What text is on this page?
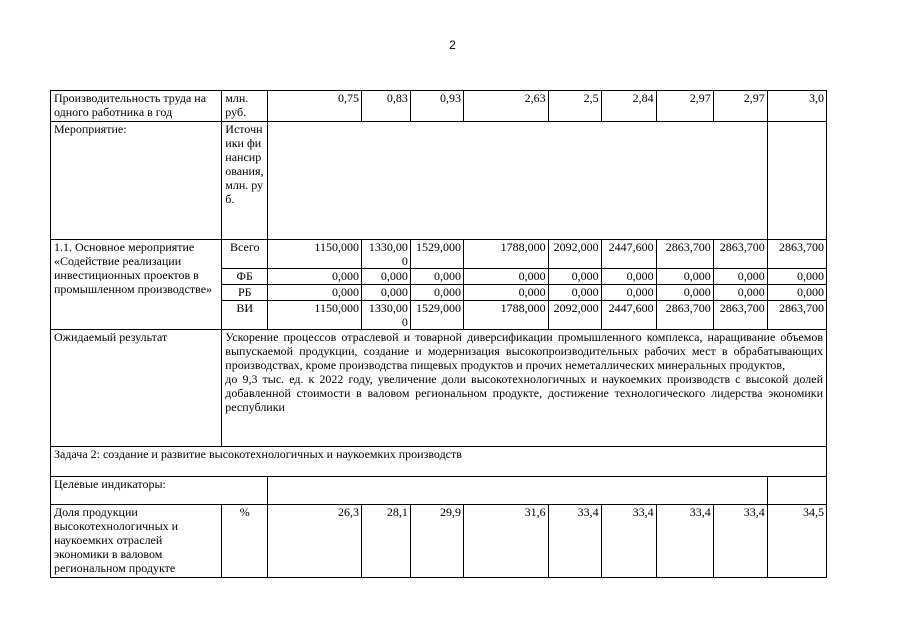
2
Производительность труда на одного работника в год	млн. руб.	0,75	0,83	0,93	2,63	2,5	2,84	2,97	2,97	3,0
Мероприятие:	Источники финансирования, млн. руб.									
1.1. Основное мероприятие «Содействие реализации инвестиционных проектов в промышленном производстве»	Всего	1150,000	1330,000	1529,000	1788,000	2092,000	2447,600	2863,700	2863,700	2863,700
	ФБ	0,000	0,000	0,000	0,000	0,000	0,000	0,000	0,000	0,000
	РБ	0,000	0,000	0,000	0,000	0,000	0,000	0,000	0,000	0,000
	ВИ	1150,000	1330,000	1529,000	1788,000	2092,000	2447,600	2863,700	2863,700	2863,700
Ожидаемый результат	Ускорение процессов отраслевой и товарной диверсификации промышленного комплекса, наращивание объемов выпускаемой продукции, создание и модернизация высокопроизводительных рабочих мест в обрабатывающих производствах, кроме производства пищевых продуктов и прочих неметаллических минеральных продуктов,
до 9,3 тыс. ед. к 2022 году, увеличение доли высокотехнологичных и наукоемких производств с высокой долей добавленной стоимости в валовом региональном продукте, достижение технологического лидерства экономики республики									

Задача 2: создание и развитие высокотехнологичных и наукоемких производств										
Целевые индикаторы:										
Доля продукции высокотехнологичных и наукоемких отраслей экономики в валовом региональном продукте	%	26,3	28,1	29,9	31,6	33,4	33,4	33,4	33,4	34,5
